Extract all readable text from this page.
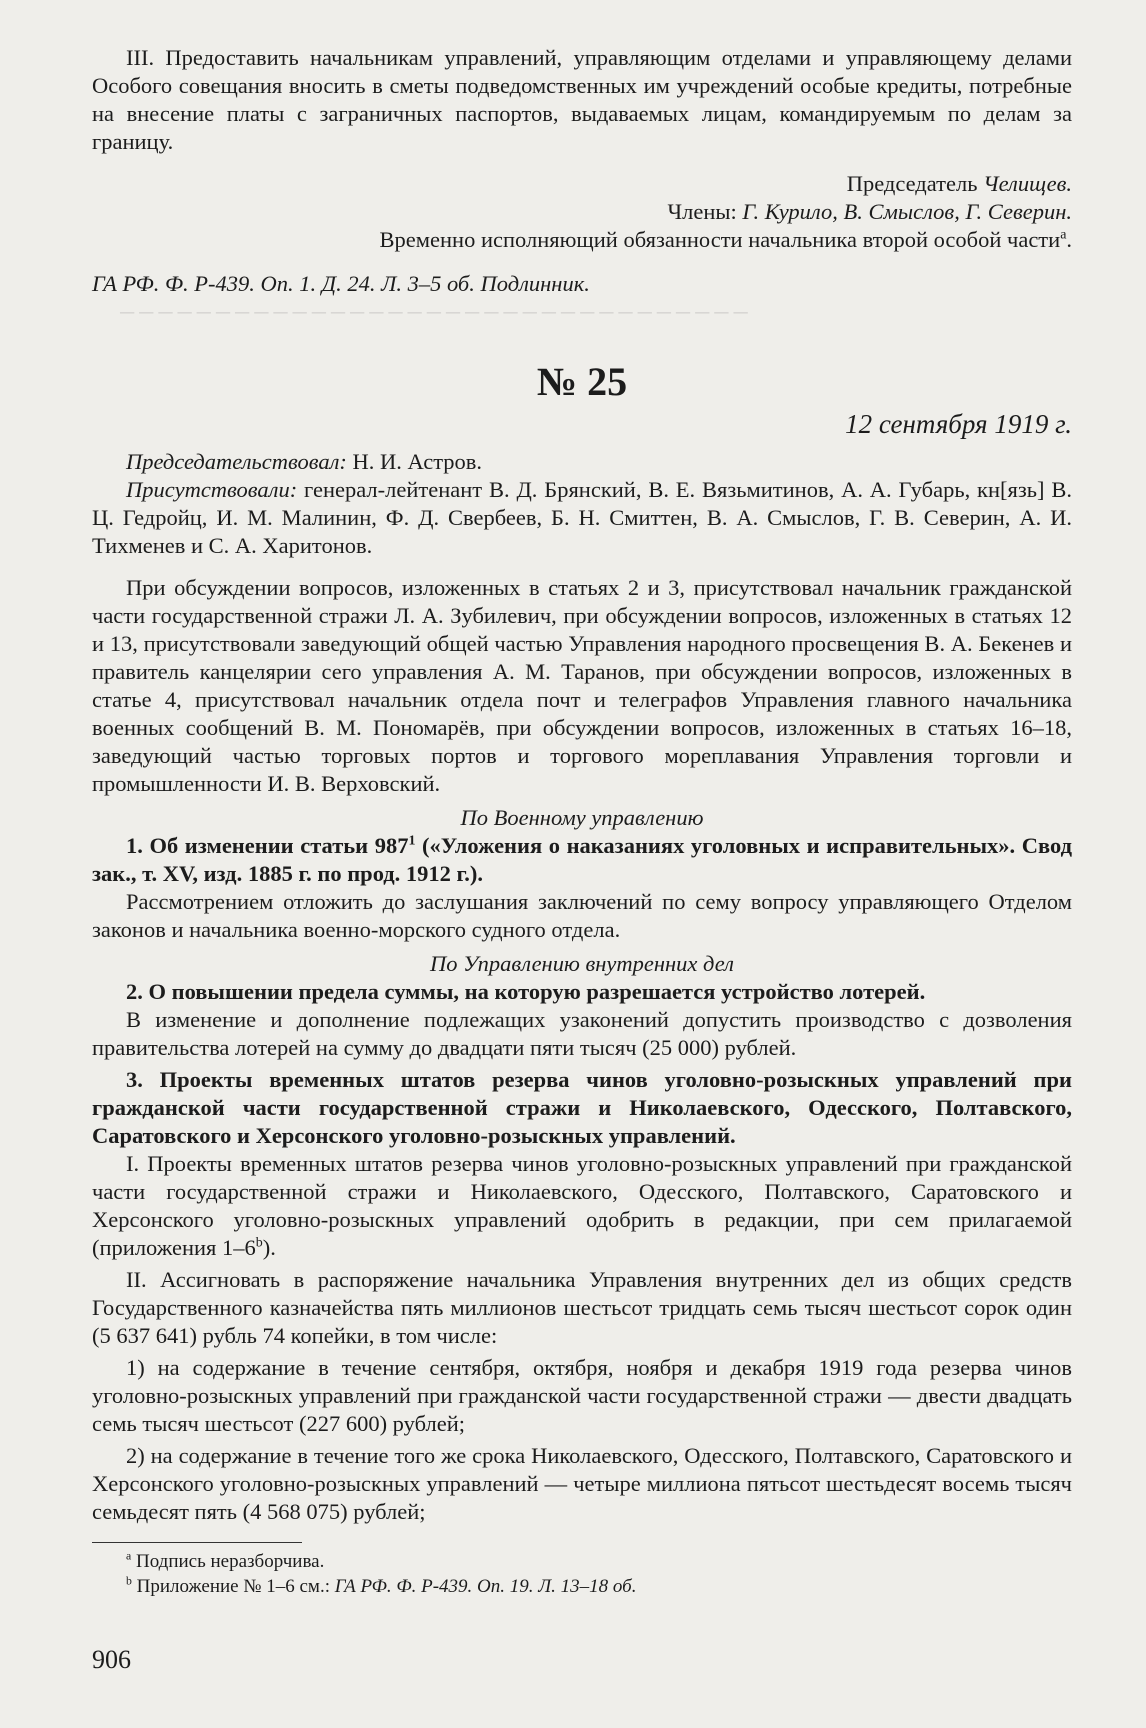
─ ─ ─ ─ ─ ─ ─ ─ ─ ─ ─ ─ ─ ─ ─ ─ ─ ─ ─ ─ ─ ─ ─ ─ ─ ─ ─ ─ ─ ─ ─ ─ ─

III. Предоставить начальникам управлений, управляющим отделами и управляющему делами Особого совещания вносить в сметы подведомственных им учреждений особые кредиты, потребные на внесение платы с заграничных паспортов, выдаваемых лицам, командируемым по делам за границу.

Председатель Челищев.

Члены: Г. Курило, В. Смыслов, Г. Северин.

Временно исполняющий обязанности начальника второй особой части$^a$.

ГА РФ. Ф. Р-439. Оп. 1. Д. 24. Л. 3–5 об. Подлинник.

№ 25
12 сентября 1919 г.

Председательствовал: Н. И. Астров.

Присутствовали: генерал-лейтенант В. Д. Брянский, В. Е. Вязьмитинов, А. А. Губарь, кн[язь] В. Ц. Гедройц, И. М. Малинин, Ф. Д. Свербеев, Б. Н. Смиттен, В. А. Смыслов, Г. В. Северин, А. И. Тихменев и С. А. Харитонов.

При обсуждении вопросов, изложенных в статьях 2 и 3, присутствовал начальник гражданской части государственной стражи Л. А. Зубилевич, при обсуждении вопросов, изложенных в статьях 12 и 13, присутствовали заведующий общей частью Управления народного просвещения В. А. Бекенев и правитель канцелярии сего управления А. М. Таранов, при обсуждении вопросов, изложенных в статье 4, присутствовал начальник отдела почт и телеграфов Управления главного начальника военных сообщений В. М. Пономарёв, при обсуждении вопросов, изложенных в статьях 16–18, заведующий частью торговых портов и торгового мореплавания Управления торговли и промышленности И. В. Верховский.

По Военному управлению

1. Об изменении статьи $987^1$ («Уложения о наказаниях уголовных и исправительных». Свод зак., т. XV, изд. 1885 г. по прод. 1912 г.).

Рассмотрением отложить до заслушания заключений по сему вопросу управляющего Отделом законов и начальника военно-морского судного отдела.

По Управлению внутренних дел

2. О повышении предела суммы, на которую разрешается устройство лотерей.

В изменение и дополнение подлежащих узаконений допустить производство с дозволения правительства лотерей на сумму до двадцати пяти тысяч (25 000) рублей.

3. Проекты временных штатов резерва чинов уголовно-розыскных управлений при гражданской части государственной стражи и Николаевского, Одесского, Полтавского, Саратовского и Херсонского уголовно-розыскных управлений.

I. Проекты временных штатов резерва чинов уголовно-розыскных управлений при гражданской части государственной стражи и Николаевского, Одесского, Полтавского, Саратовского и Херсонского уголовно-розыскных управлений одобрить в редакции, при сем прилагаемой (приложения 1–6$^b$).

II. Ассигновать в распоряжение начальника Управления внутренних дел из общих средств Государственного казначейства пять миллионов шестьсот тридцать семь тысяч шестьсот сорок один (5 637 641) рубль 74 копейки, в том числе:

1) на содержание в течение сентября, октября, ноября и декабря 1919 года резерва чинов уголовно-розыскных управлений при гражданской части государственной стражи — двести двадцать семь тысяч шестьсот (227 600) рублей;

2) на содержание в течение того же срока Николаевского, Одесского, Полтавского, Саратовского и Херсонского уголовно-розыскных управлений — четыре миллиона пятьсот шестьдесят восемь тысяч семьдесят пять (4 568 075) рублей;

$^a$ Подпись неразборчива.

$^b$ Приложение № 1–6 см.: ГА РФ. Ф. Р-439. Оп. 19. Л. 13–18 об.

906
